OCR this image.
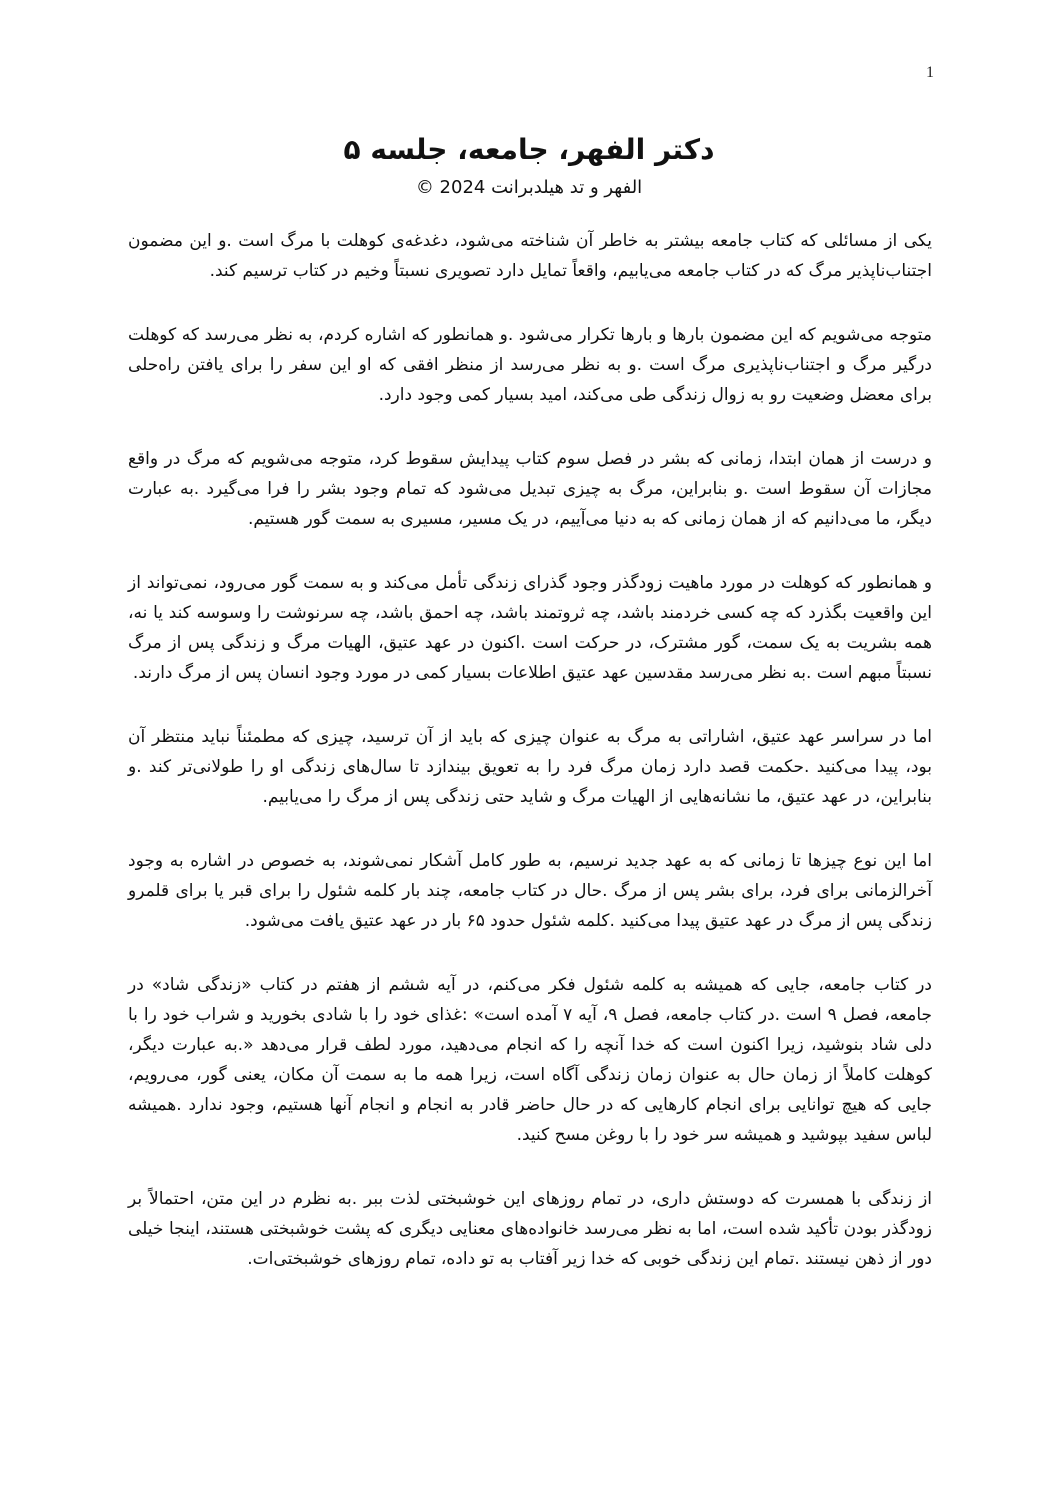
1
دکتر الفهر، جامعه، جلسه ۵

الفهر و تد هیلدبرانت 2024 ©

یکی از مسائلی که کتاب جامعه بیشتر به خاطر آن شناخته می‌شود، دغدغه‌ی کوهلت با مرگ است .و این مضمون اجتناب‌ناپذیر مرگ که در کتاب جامعه می‌یابیم، واقعاً تمایل دارد تصویری نسبتاً وخیم در کتاب ترسیم کند.

متوجه می‌شویم که این مضمون بارها و بارها تکرار می‌شود .و همانطور که اشاره کردم، به نظر می‌رسد که کوهلت درگیر مرگ و اجتناب‌ناپذیری مرگ است .و به نظر می‌رسد از منظر افقی که او این سفر را برای یافتن راه‌حلی برای معضل وضعیت رو به زوال زندگی طی می‌کند، امید بسیار کمی وجود دارد.

و درست از همان ابتدا، زمانی که بشر در فصل سوم کتاب پیدایش سقوط کرد، متوجه می‌شویم که مرگ در واقع مجازات آن سقوط است .و بنابراین، مرگ به چیزی تبدیل می‌شود که تمام وجود بشر را فرا می‌گیرد .به عبارت دیگر، ما می‌دانیم که از همان زمانی که به دنیا می‌آییم، در یک مسیر، مسیری به سمت گور هستیم.

و همانطور که کوهلت در مورد ماهیت زودگذر وجود گذرای زندگی تأمل می‌کند و به سمت گور می‌رود، نمی‌تواند از این واقعیت بگذرد که چه کسی خردمند باشد، چه ثروتمند باشد، چه احمق باشد، چه سرنوشت را وسوسه کند یا نه، همه بشریت به یک سمت، گور مشترک، در حرکت است .اکنون در عهد عتیق، الهیات مرگ و زندگی پس از مرگ نسبتاً مبهم است .به نظر می‌رسد مقدسین عهد عتیق اطلاعات بسیار کمی در مورد وجود انسان پس از مرگ دارند.

اما در سراسر عهد عتیق، اشاراتی به مرگ به عنوان چیزی که باید از آن ترسید، چیزی که مطمئناً نباید منتظر آن بود، پیدا می‌کنید .حکمت قصد دارد زمان مرگ فرد را به تعویق بیندازد تا سال‌های زندگی او را طولانی‌تر کند .و بنابراین، در عهد عتیق، ما نشانه‌هایی از الهیات مرگ و شاید حتی زندگی پس از مرگ را می‌یابیم.

اما این نوع چیزها تا زمانی که به عهد جدید نرسیم، به طور کامل آشکار نمی‌شوند، به خصوص در اشاره به وجود آخرالزمانی برای فرد، برای بشر پس از مرگ .حال در کتاب جامعه، چند بار کلمه شئول را برای قبر یا برای قلمرو زندگی پس از مرگ در عهد عتیق پیدا می‌کنید .کلمه شئول حدود ۶۵ بار در عهد عتیق یافت می‌شود.

در کتاب جامعه، جایی که همیشه به کلمه شئول فکر می‌کنم، در آیه ششم از هفتم در کتاب «زندگی شاد» در جامعه، فصل ۹ است .در کتاب جامعه، فصل ۹، آیه ۷ آمده است» :غذای خود را با شادی بخورید و شراب خود را با دلی شاد بنوشید، زیرا اکنون است که خدا آنچه را که انجام می‌دهید، مورد لطف قرار می‌دهد «.به عبارت دیگر، کوهلت کاملاً از زمان حال به عنوان زمان زندگی آگاه است، زیرا همه ما به سمت آن مکان، یعنی گور، می‌رویم، جایی که هیچ توانایی برای انجام کارهایی که در حال حاضر قادر به انجام و انجام آنها هستیم، وجود ندارد .همیشه لباس سفید بپوشید و همیشه سر خود را با روغن مسح کنید.

از زندگی با همسرت که دوستش داری، در تمام روزهای این خوشبختی لذت ببر .به نظرم در این متن، احتمالاً بر زودگذر بودن تأکید شده است، اما به نظر می‌رسد خانواده‌های معنایی دیگری که پشت خوشبختی هستند، اینجا خیلی دور از ذهن نیستند .تمام این زندگی خوبی که خدا زیر آفتاب به تو داده، تمام روزهای خوشبختی‌ات.
